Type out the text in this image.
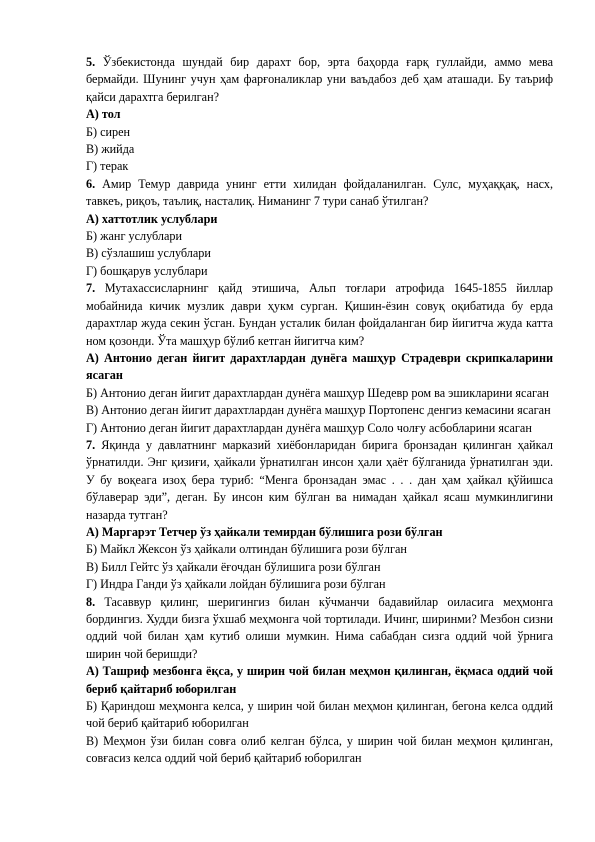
5. Ўзбекистонда шундай бир дарахт бор, эрта баҳорда ғарқ гуллайди, аммо мева бермайди. Шунинг учун ҳам фарғоналиклар уни ваъдабоз деб ҳам аташади. Бу таъриф қайси дарахтга берилган?

А) тол

Б) сирен

В) жийда

Г) терак

6. Амир Темур даврида унинг етти хилидан фойдаланилган. Сулс, муҳаққақ, насх, тавкеъ, риқоъ, таълиқ, насталиқ. Ниманинг 7 тури санаб ўтилган?

А) хаттотлик услублари

Б) жанг услублари

В) сўзлашиш услублари

Г) бошқарув услублари

7. Мутахассисларнинг қайд этишича, Альп тоғлари атрофида 1645-1855 йиллар мобайнида кичик музлик даври ҳукм сурган. Қишин-ёзин совуқ оқибатида бу ерда дарахтлар жуда секин ўсган. Бундан усталик билан фойдаланган бир йигитча жуда катта ном қозонди. Ўта машҳур бўлиб кетган йигитча ким?

А) Антонио деган йигит дарахтлардан дунёга машҳур Страдеври скрипкаларини ясаган

Б) Антонио деган йигит дарахтлардан дунёга машҳур Шедевр ром ва эшикларини ясаган

В) Антонио деган йигит дарахтлардан дунёга машҳур Портопенс денгиз кемасини ясаган

Г) Антонио деган йигит дарахтлардан дунёга машҳур Соло чолғу асбобларини ясаган

7. Яқинда у давлатнинг марказий хиёбонларидан бирига бронзадан қилинган ҳайкал ўрнатилди. Энг қизиғи, ҳайкали ўрнатилган инсон ҳали ҳаёт бўлганида ўрнатилган эди. У бу воқеага изоҳ бера туриб: “Менга бронзадан эмас . . . дан ҳам ҳайкал қўйишса бўлаверар эди”, деган. Бу инсон ким бўлган ва нимадан ҳайкал ясаш мумкинлигини назарда тутган?

А) Маргарэт Тетчер ўз ҳайкали темирдан бўлишига рози бўлган

Б) Майкл Жексон ўз ҳайкали олтиндан бўлишига рози бўлган

В) Билл Гейтс ўз ҳайкали ёғочдан бўлишига рози бўлган

Г) Индра Ганди ўз ҳайкали лойдан бўлишига рози бўлган

8. Тасаввур қилинг, шеригингиз билан кўчманчи бадавийлар оиласига меҳмонга бордингиз. Худди бизга ўхшаб меҳмонга чой тортилади. Ичинг, ширинми? Мезбон сизни оддий чой билан ҳам кутиб олиши мумкин. Нима сабабдан сизга оддий чой ўрнига ширин чой беришди?

А) Ташриф мезбонга ёқса, у ширин чой билан меҳмон қилинган, ёқмаса оддий чой бериб қайтариб юборилган

Б) Қариндош меҳмонга келса, у ширин чой билан меҳмон қилинган, бегона келса оддий чой бериб қайтариб юборилган

В) Меҳмон ўзи билан совға олиб келган бўлса, у ширин чой билан меҳмон қилинган, совғасиз келса оддий чой бериб қайтариб юборилган
